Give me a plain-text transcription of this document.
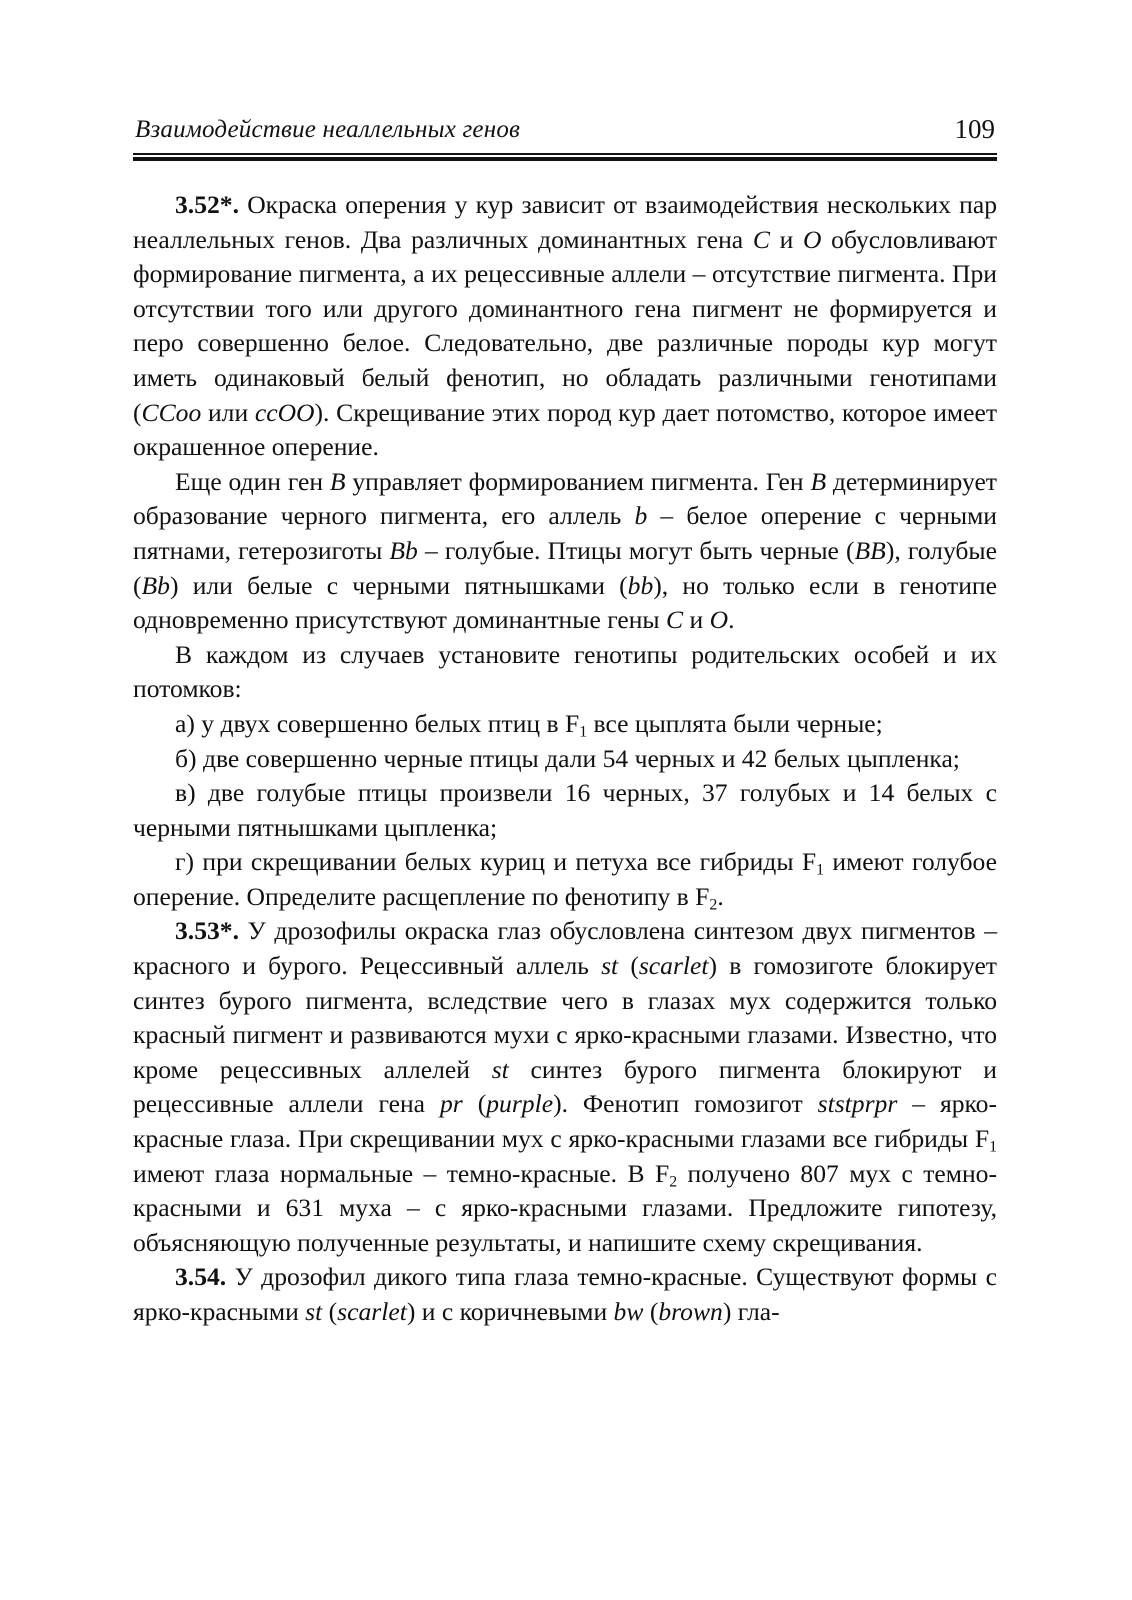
Взаимодействие неаллельных генов	109

3.52*. Окраска оперения у кур зависит от взаимодействия нескольких пар неаллельных генов. Два различных доминантных гена C и O обусловливают формирование пигмента, а их рецессивные аллели – отсутствие пигмента. При отсутствии того или другого доминантного гена пигмент не формируется и перо совершенно белое. Следовательно, две различные породы кур могут иметь одинаковый белый фенотип, но обладать различными генотипами (CCoo или ccOO). Скрещивание этих пород кур дает потомство, которое имеет окрашенное оперение.

Еще один ген B управляет формированием пигмента. Ген B детерминирует образование черного пигмента, его аллель b – белое оперение с черными пятнами, гетерозиготы Bb – голубые. Птицы могут быть черные (BB), голубые (Bb) или белые с черными пятнышками (bb), но только если в генотипе одновременно присутствуют доминантные гены C и O.

В каждом из случаев установите генотипы родительских особей и их потомков:

а) у двух совершенно белых птиц в $F_1$ все цыплята были черные;

б) две совершенно черные птицы дали 54 черных и 42 белых цыпленка;

в) две голубые птицы произвели 16 черных, 37 голубых и 14 белых с черными пятнышками цыпленка;

г) при скрещивании белых куриц и петуха все гибриды $F_1$ имеют голубое оперение. Определите расщепление по фенотипу в $F_2$.

3.53*. У дрозофилы окраска глаз обусловлена синтезом двух пигментов – красного и бурого. Рецессивный аллель st (scarlet) в гомозиготе блокирует синтез бурого пигмента, вследствие чего в глазах мух содержится только красный пигмент и развиваются мухи с ярко-красными глазами. Известно, что кроме рецессивных аллелей st синтез бурого пигмента блокируют и рецессивные аллели гена pr (purple). Фенотип гомозигот ststprpr – ярко-красные глаза. При скрещивании мух с ярко-красными глазами все гибриды $F_1$ имеют глаза нормальные – темно-красные. В $F_2$ получено 807 мух с темно-красными и 631 муха – с ярко-красными глазами. Предложите гипотезу, объясняющую полученные результаты, и напишите схему скрещивания.

3.54. У дрозофил дикого типа глаза темно-красные. Существуют формы с ярко-красными st (scarlet) и с коричневыми bw (brown) гла-
